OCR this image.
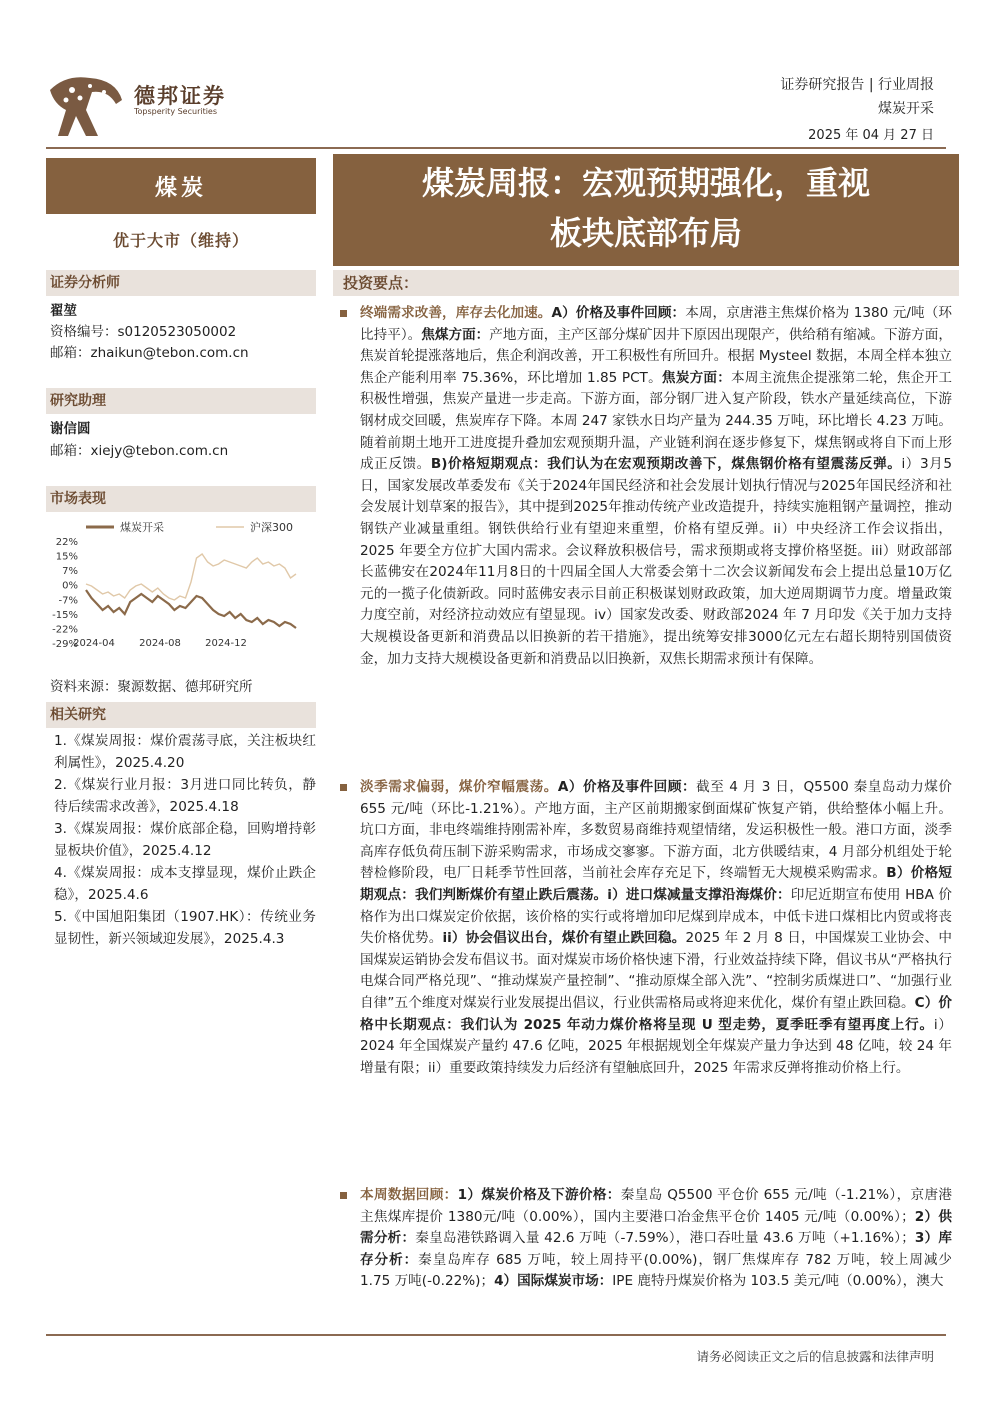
德邦证券
Topsperity Securities
证券研究报告 | 行业周报
煤炭开采
2025 年 04 月 27 日
煤炭
优于大市（维持）
证券分析师
翟堃
资格编号：s0120523050002
邮箱：zhaikun@tebon.com.cn
研究助理
谢信圆
邮箱：xiejy@tebon.com.cn
市场表现
煤炭开采	沪深300
22%
15%
7%
0%
-7%
-15%
-22%
-29%
2024-04 2024-08 2024-12
资料来源：聚源数据、德邦研究所
相关研究
1.《煤炭周报：煤价震荡寻底，关注板块红利属性》，2025.4.20
2.《煤炭行业月报：3月进口同比转负，静待后续需求改善》，2025.4.18
3.《煤炭周报：煤价底部企稳，回购增持彰显板块价值》，2025.4.12
4.《煤炭周报：成本支撑显现，煤价止跌企稳》，2025.4.6
5.《中国旭阳集团（1907.HK）：传统业务显韧性，新兴领域迎发展》，2025.4.3
煤炭周报：宏观预期强化，重视
板块底部布局
投资要点：
终端需求改善，库存去化加速。A）价格及事件回顾：本周，京唐港主焦煤价格为 1380 元/吨（环比持平）。焦煤方面：产地方面，主产区部分煤矿因井下原因出现限产，供给稍有缩减。下游方面，焦炭首轮提涨落地后，焦企利润改善，开工积极性有所回升。根据 Mysteel 数据，本周全样本独立焦企产能利用率 75.36%，环比增加 1.85 PCT。焦炭方面：本周主流焦企提涨第二轮，焦企开工积极性增强，焦炭产量进一步走高。下游方面，部分钢厂进入复产阶段，铁水产量延续高位，下游钢材成交回暖，焦炭库存下降。本周 247 家铁水日均产量为 244.35 万吨，环比增长 4.23 万吨。随着前期土地开工进度提升叠加宏观预期升温，产业链利润在逐步修复下，煤焦钢或将自下而上形成正反馈。B)价格短期观点：我们认为在宏观预期改善下，煤焦钢价格有望震荡反弹。i）3月5日，国家发展改革委发布《关于2024年国民经济和社会发展计划执行情况与2025年国民经济和社会发展计划草案的报告》，其中提到2025年推动传统产业改造提升，持续实施粗钢产量调控，推动钢铁产业减量重组。钢铁供给行业有望迎来重塑，价格有望反弹。ii）中央经济工作会议指出，2025 年要全方位扩大国内需求。会议释放积极信号，需求预期或将支撑价格坚挺。iii）财政部部长蓝佛安在2024年11月8日的十四届全国人大常委会第十二次会议新闻发布会上提出总量10万亿元的一揽子化债新政。同时蓝佛安表示目前正积极谋划财政政策，加大逆周期调节力度。增量政策力度空前，对经济拉动效应有望显现。iv）国家发改委、财政部2024 年 7 月印发《关于加力支持大规模设备更新和消费品以旧换新的若干措施》，提出统筹安排3000亿元左右超长期特别国债资金，加力支持大规模设备更新和消费品以旧换新，双焦长期需求预计有保障。
淡季需求偏弱，煤价窄幅震荡。A）价格及事件回顾：截至 4 月 3 日，Q5500 秦皇岛动力煤价 655 元/吨（环比-1.21%）。产地方面，主产区前期搬家倒面煤矿恢复产销，供给整体小幅上升。坑口方面，非电终端维持刚需补库，多数贸易商维持观望情绪，发运积极性一般。港口方面，淡季高库存低负荷压制下游采购需求，市场成交寥寥。下游方面，北方供暖结束，4 月部分机组处于轮替检修阶段，电厂日耗季节性回落，当前社会库存充足下，终端暂无大规模采购需求。B）价格短期观点：我们判断煤价有望止跌后震荡。i）进口煤减量支撑沿海煤价：印尼近期宣布使用 HBA 价格作为出口煤炭定价依据，该价格的实行或将增加印尼煤到岸成本，中低卡进口煤相比内贸或将丧失价格优势。ii）协会倡议出台，煤价有望止跌回稳。2025 年 2 月 8 日，中国煤炭工业协会、中国煤炭运销协会发布倡议书。面对煤炭市场价格快速下滑，行业效益持续下降，倡议书从“严格执行电煤合同严格兑现”、“推动煤炭产量控制”、“推动原煤全部入洗”、“控制劣质煤进口”、“加强行业自律”五个维度对煤炭行业发展提出倡议，行业供需格局或将迎来优化，煤价有望止跌回稳。C）价格中长期观点：我们认为 2025 年动力煤价格将呈现 U 型走势，夏季旺季有望再度上行。i）2024 年全国煤炭产量约 47.6 亿吨，2025 年根据规划全年煤炭产量力争达到 48 亿吨，较 24 年增量有限；ii）重要政策持续发力后经济有望触底回升，2025 年需求反弹将推动价格上行。
本周数据回顾：1）煤炭价格及下游价格：秦皇岛 Q5500 平仓价 655 元/吨（-1.21%），京唐港主焦煤库提价 1380元/吨（0.00%），国内主要港口冶金焦平仓价 1405 元/吨（0.00%）；2）供需分析：秦皇岛港铁路调入量 42.6 万吨（-7.59%），港口吞吐量 43.6 万吨（+1.16%）；3）库存分析：秦皇岛库存 685 万吨，较上周持平(0.00%)，钢厂焦煤库存 782 万吨，较上周减少 1.75 万吨(-0.22%)；4）国际煤炭市场：IPE 鹿特丹煤炭价格为 103.5 美元/吨（0.00%），澳大
请务必阅读正文之后的信息披露和法律声明
